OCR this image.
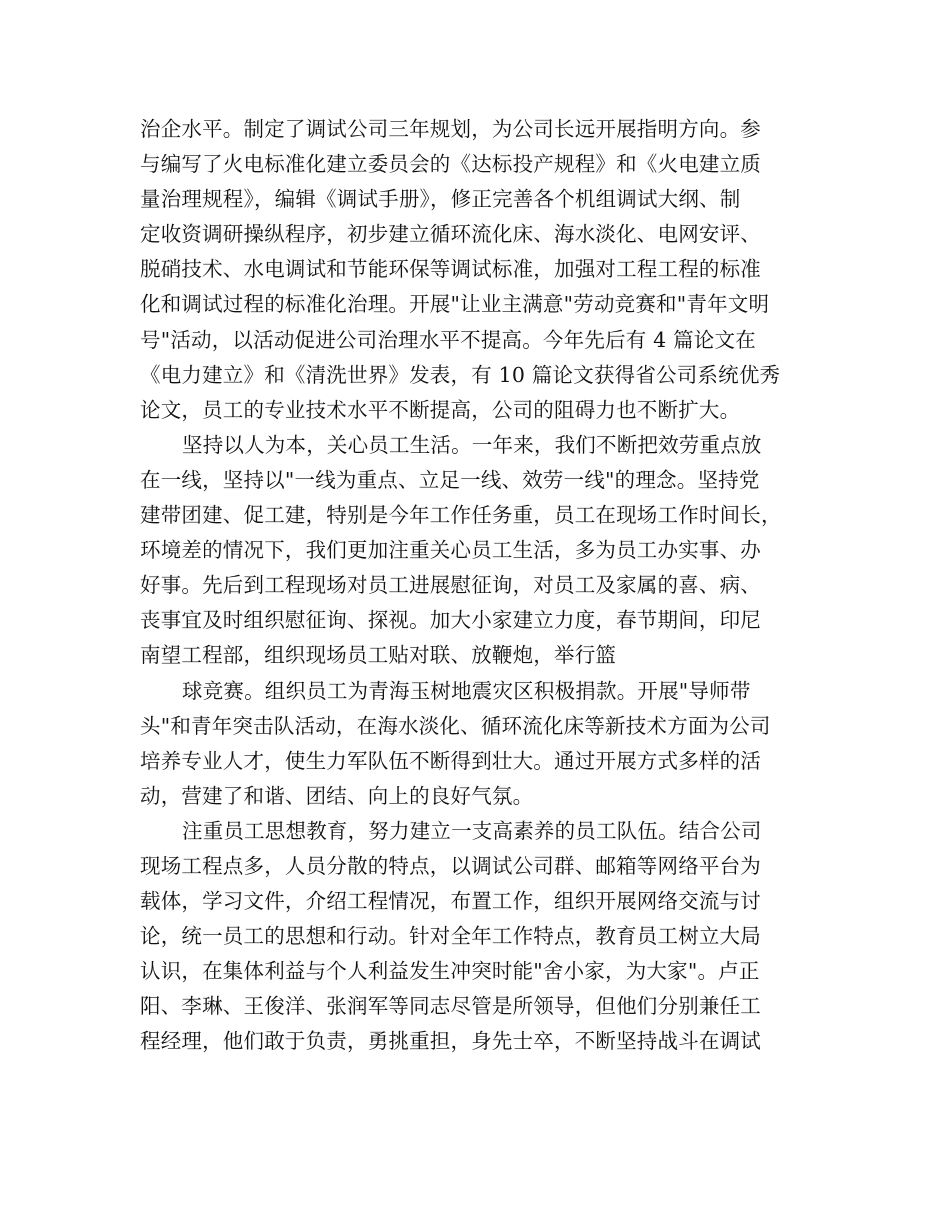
治企水平。制定了调试公司三年规划，为公司长远开展指明方向。参
与编写了火电标准化建立委员会的《达标投产规程》和《火电建立质
量治理规程》，编辑《调试手册》，修正完善各个机组调试大纲、制
定收资调研操纵程序，初步建立循环流化床、海水淡化、电网安评、
脱硝技术、水电调试和节能环保等调试标准，加强对工程工程的标准
化和调试过程的标准化治理。开展"让业主满意"劳动竞赛和"青年文明
号"活动，以活动促进公司治理水平不提高。今年先后有 4 篇论文在
《电力建立》和《清洗世界》发表，有 10 篇论文获得省公司系统优秀
论文，员工的专业技术水平不断提高，公司的阻碍力也不断扩大。
坚持以人为本，关心员工生活。一年来，我们不断把效劳重点放
在一线，坚持以"一线为重点、立足一线、效劳一线"的理念。坚持党
建带团建、促工建，特别是今年工作任务重，员工在现场工作时间长，
环境差的情况下，我们更加注重关心员工生活，多为员工办实事、办
好事。先后到工程现场对员工进展慰征询，对员工及家属的喜、病、
丧事宜及时组织慰征询、探视。加大小家建立力度，春节期间，印尼
南望工程部，组织现场员工贴对联、放鞭炮，举行篮
球竞赛。组织员工为青海玉树地震灾区积极捐款。开展"导师带
头"和青年突击队活动，在海水淡化、循环流化床等新技术方面为公司
培养专业人才，使生力军队伍不断得到壮大。通过开展方式多样的活
动，营建了和谐、团结、向上的良好气氛。
注重员工思想教育，努力建立一支高素养的员工队伍。结合公司
现场工程点多，人员分散的特点，以调试公司群、邮箱等网络平台为
载体，学习文件，介绍工程情况，布置工作，组织开展网络交流与讨
论，统一员工的思想和行动。针对全年工作特点，教育员工树立大局
认识，在集体利益与个人利益发生冲突时能"舍小家，为大家"。卢正
阳、李琳、王俊洋、张润军等同志尽管是所领导，但他们分别兼任工
程经理，他们敢于负责，勇挑重担，身先士卒，不断坚持战斗在调试
